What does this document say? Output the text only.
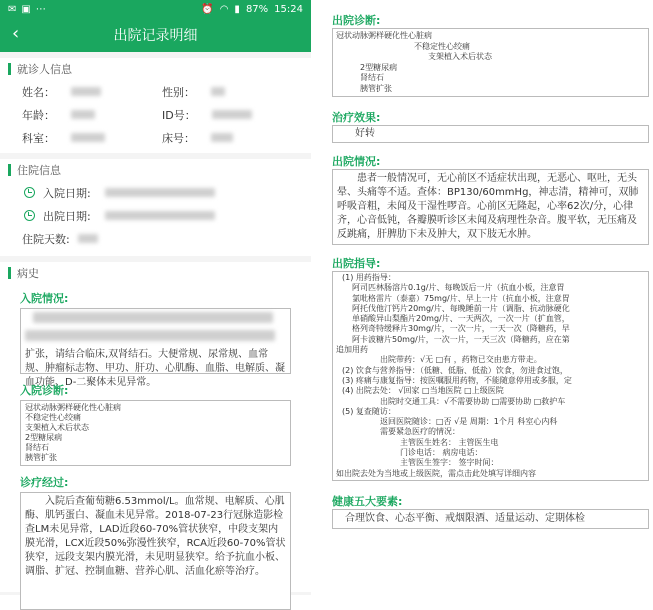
✉ ▣ ⋯	⏰ ◠ ▮ 87% 15:24
‹	出院记录明细
就诊人信息
姓名：	性别：
年龄：	ID号：
科室：	床号：
住院信息
入院日期:
出院日期:
住院天数:
病史
入院情况:

扩张，请结合临床,双肾结石。大便常规、尿常规、血常规、肿瘤标志物、甲功、肝功、心肌酶、血脂、电解质、凝血功能、D-二聚体未见异常。
入院诊断:
冠状动脉粥样硬化性心脏病
不稳定性心绞痛
支架植入术后状态
2型糖尿病
肾结石
胰管扩张
诊疗经过:
入院后查葡萄糖6.53mmol/L。血常规、电解质、心肌酶、肌钙蛋白、凝血未见异常。2018-07-23行冠脉造影检查LM未见异常，LAD近段60-70%管状狭窄，中段支架内膜光滑，LCX近段50%弥漫性狭窄，RCA近段60-70%管状狭窄，远段支架内膜光滑，未见明显狭窄。给予抗血小板、调脂、扩冠、控制血糖、营养心肌、活血化瘀等治疗。
出院诊断:
冠状动脉粥样硬化性心脏病
不稳定性心绞痛
支架植入术后状态
2型糖尿病
肾结石
胰管扩张
治疗效果:
好转
出院情况:
患者一般情况可，无心前区不适症状出现，无恶心、呕吐，无头晕、头痛等不适。查体：BP130/60mmHg，神志清，精神可，双肺呼吸音粗，未闻及干湿性啰音。心前区无隆起，心率62次/分，心律齐，心音低钝，各瓣膜听诊区未闻及病理性杂音。腹平软，无压痛及反跳痛，肝脾肋下未及肿大，双下肢无水肿。
出院指导:
(1) 用药指导：
阿司匹林肠溶片0.1g/片、每晚饭后一片（抗血小板，注意胃
氯吡格雷片（泰嘉）75mg/片、早上一片（抗血小板，注意胃
阿托伐他汀钙片20mg/片、每晚睡前一片（调脂、抗动脉硬化
单硝酸异山梨酯片20mg/片、一天两次，一次一片（扩血管，
格列奇特缓释片30mg/片，一次一片，一天一次（降糖药，早
阿卡波糖片50mg/片，一次一片，一天三次（降糖药，应在第
追加用药
出院带药：√无 □有 ，药物已交由患方带走。
(2) 饮食与营养指导：（低糖、低脂、低盐）饮食，勿进食过饱，
(3) 疼痛与康复指导：按医嘱服用药物，不能随意停用或多服，定
(4) 出院去处： √回家 □当地医院 □上级医院
出院时交通工具：√不需要协助 □需要协助 □救护车
(5) 复查随访：
返回医院随诊：□否 √是 周期：1个月 科室心内科
需要紧急医疗的情况：
主管医生姓名： 主管医生电
门诊电话： 病房电话：
主管医生签字： 签字时间：
如出院去处为当地或上级医院，需点击此处填写详细内容
健康五大要素:
合理饮食、心态平衡、戒烟限酒、适量运动、定期体检
